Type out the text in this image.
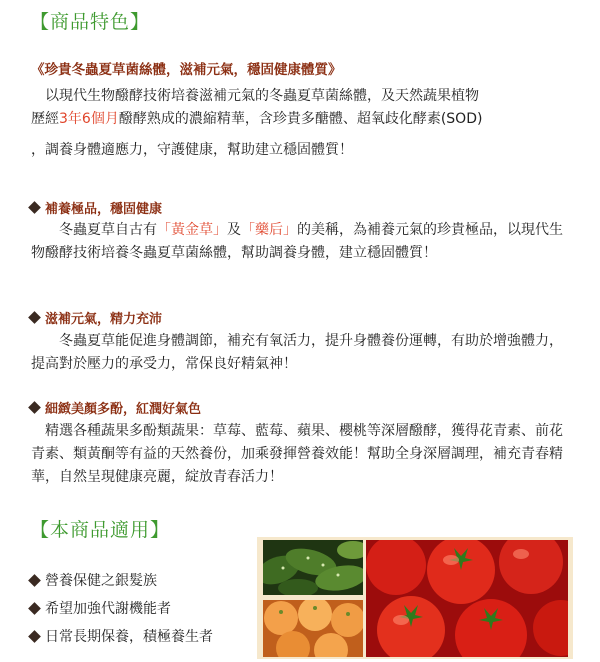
【商品特色】
《珍貴冬蟲夏草菌絲體，滋補元氣，穩固健康體質》
以現代生物醱酵技術培養滋補元氣的冬蟲夏草菌絲體，及天然蔬果植物
歷經3年6個月醱酵熟成的濃縮精華，含珍貴多醣體、超氧歧化酵素(SOD)
，調養身體適應力，守護健康，幫助建立穩固體質！
補養極品，穩固健康
冬蟲夏草自古有「黃金草」及「藥后」的美稱，為補養元氣的珍貴極品，以現代生物醱酵技術培養冬蟲夏草菌絲體，幫助調養身體，建立穩固體質！
滋補元氣，精力充沛
冬蟲夏草能促進身體調節，補充有氧活力，提升身體養份運轉，有助於增強體力，提高對於壓力的承受力，常保良好精氣神！
細緻美顏多酚，紅潤好氣色
精選各種蔬果多酚類蔬果：草莓、藍莓、蘋果、櫻桃等深層醱酵，獲得花青素、前花青素、類黃酮等有益的天然養份，加乘發揮營養效能！幫助全身深層調理，補充青春精華，自然呈現健康亮麗，綻放青春活力！
【本商品適用】
營養保健之銀髮族
希望加強代謝機能者
日常長期保養，積極養生者
